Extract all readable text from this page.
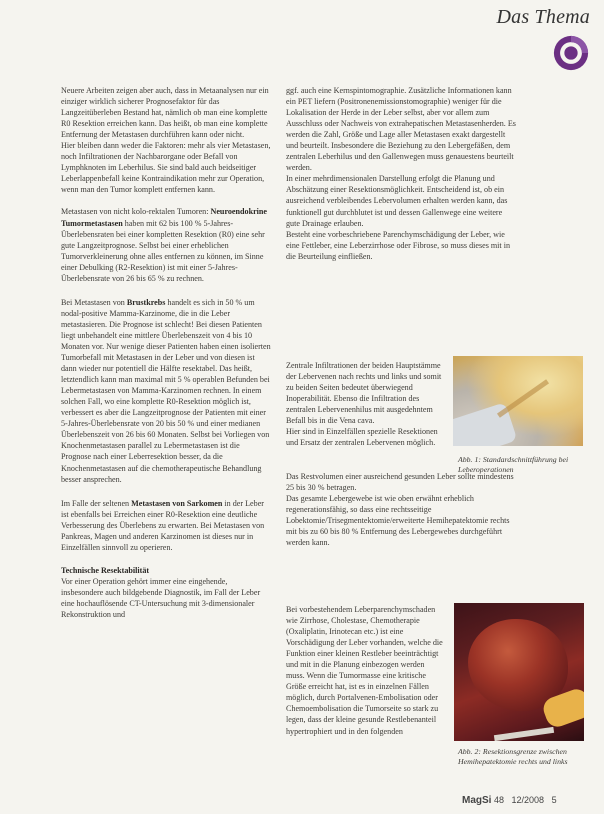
Das Thema

Neuere Arbeiten zeigen aber auch, dass in Metaanalysen nur ein einziger wirklich sicherer Prognosefaktor für das Langzeitüberleben Bestand hat, nämlich ob man eine komplette R0 Resektion erreichen kann. Das heißt, ob man eine komplette Entfernung der Metastasen durchführen kann oder nicht.

Hier bleiben dann weder die Faktoren: mehr als vier Metastasen, noch Infiltrationen der Nachbarorgane oder Befall von Lymphknoten im Leberhilus. Sie sind bald auch beidseitiger Leberlappenbefall keine Kontraindikation mehr zur Operation, wenn man den Tumor komplett entfernen kann.

Metastasen von nicht kolo-rektalen Tumoren: Neuroendokrine Tumormetastasen haben mit 62 bis 100 % 5-Jahres-Überlebensraten bei einer kompletten Resektion (R0) eine sehr gute Langzeitprognose. Selbst bei einer erheblichen Tumorverkleinerung ohne alles entfernen zu können, im Sinne einer Debulking (R2-Resektion) ist mit einer 5-Jahres-Überlebensrate von 26 bis 65 % zu rechnen.

Bei Metastasen von Brustkrebs handelt es sich in 50 % um nodal-positive Mamma-Karzinome, die in die Leber metastasieren. Die Prognose ist schlecht! Bei diesen Patienten liegt unbehandelt eine mittlere Überlebenszeit von 4 bis 10 Monaten vor. Nur wenige dieser Patienten haben einen isolierten Tumorbefall mit Metastasen in der Leber und von diesen ist dann wieder nur potentiell die Hälfte resektabel. Das heißt, letztendlich kann man maximal mit 5 % operablen Befunden bei Lebermetastasen von Mamma-Karzinomen rechnen. In einem solchen Fall, wo eine komplette R0-Resektion möglich ist, verbessert es aber die Langzeitprognose der Patienten mit einer 5-Jahres-Überlebensrate von 20 bis 50 % und einer medianen Überlebenszeit von 26 bis 60 Monaten. Selbst bei Vorliegen von Knochenmetastasen parallel zu Lebermetastasen ist die Prognose nach einer Leberresektion besser, da die Knochenmetastasen auf die chemotherapeutische Behandlung besser ansprechen.

Im Falle der seltenen Metastasen von Sarkomen in der Leber ist ebenfalls bei Erreichen einer R0-Resektion eine deutliche Verbesserung des Überlebens zu erwarten. Bei Metastasen von Pankreas, Magen und anderen Karzinomen ist dieses nur in Einzelfällen sinnvoll zu operieren.

Technische Resektabilität

Vor einer Operation gehört immer eine eingehende, insbesondere auch bildgebende Diagnostik, im Fall der Leber eine hochauflösende CT-Untersuchung mit 3-dimensionaler Rekonstruktion und

ggf. auch eine Kernspintomographie. Zusätzliche Informationen kann ein PET liefern (Positronenemissionstomographie) weniger für die Lokalisation der Herde in der Leber selbst, aber vor allem zum Ausschluss oder Nachweis von extrahepatischen Metastasenherden. Es werden die Zahl, Größe und Lage aller Metastasen exakt dargestellt und beurteilt. Insbesondere die Beziehung zu den Lebergefäßen, dem zentralen Leberhilus und den Gallenwegen muss genauestens beurteilt werden.

In einer mehrdimensionalen Darstellung erfolgt die Planung und Abschätzung einer Resektionsmöglichkeit. Entscheidend ist, ob ein ausreichend verbleibendes Lebervolumen erhalten werden kann, das funktionell gut durchblutet ist und dessen Gallenwege eine weitere gute Drainage erlauben.

Besteht eine vorbeschriebene Parenchymschädigung der Leber, wie eine Fettleber, eine Leberzirrhose oder Fibrose, so muss dieses mit in die Beurteilung einfließen.

Zentrale Infiltrationen der beiden Hauptstämme der Lebervenen nach rechts und links und somit zu beiden Seiten bedeutet überwiegend Inoperabilität. Ebenso die Infiltration des zentralen Lebervenenhilus mit ausgedehntem Befall bis in die Vena cava.

Hier sind in Einzelfällen spezielle Resektionen und Ersatz der zentralen Lebervenen möglich.

Das Restvolumen einer ausreichend gesunden Leber sollte mindestens 25 bis 30 % betragen.

Das gesamte Lebergewebe ist wie oben erwähnt erheblich regenerationsfähig, so dass eine rechtsseitige Lobektomie/Trisegmentektomie/erweiterte Hemihepatektomie rechts mit bis zu 60 bis 80 % Entfernung des Lebergewebes durchgeführt werden kann.

Bei vorbestehendem Leberparenchymschaden wie Zirrhose, Cholestase, Chemotherapie (Oxaliplatin, Irinotecan etc.) ist eine Vorschädigung der Leber vorhanden, welche die Funktion einer kleinen Restleber beeinträchtigt und mit in die Planung einbezogen werden muss. Wenn die Tumormasse eine kritische Größe erreicht hat, ist es in einzelnen Fällen möglich, durch Portalvenen-Embolisation oder Chemoembolisation die Tumorseite so stark zu legen, dass der kleine gesunde Restlebenanteil hypertrophiert und in den folgenden

Abb. 1: Standardschnittführung bei Leberoperationen
Abb. 2: Resektionsgrenze zwischen Hemihepatektomie rechts und links
MagSi 48 12/2008 5
